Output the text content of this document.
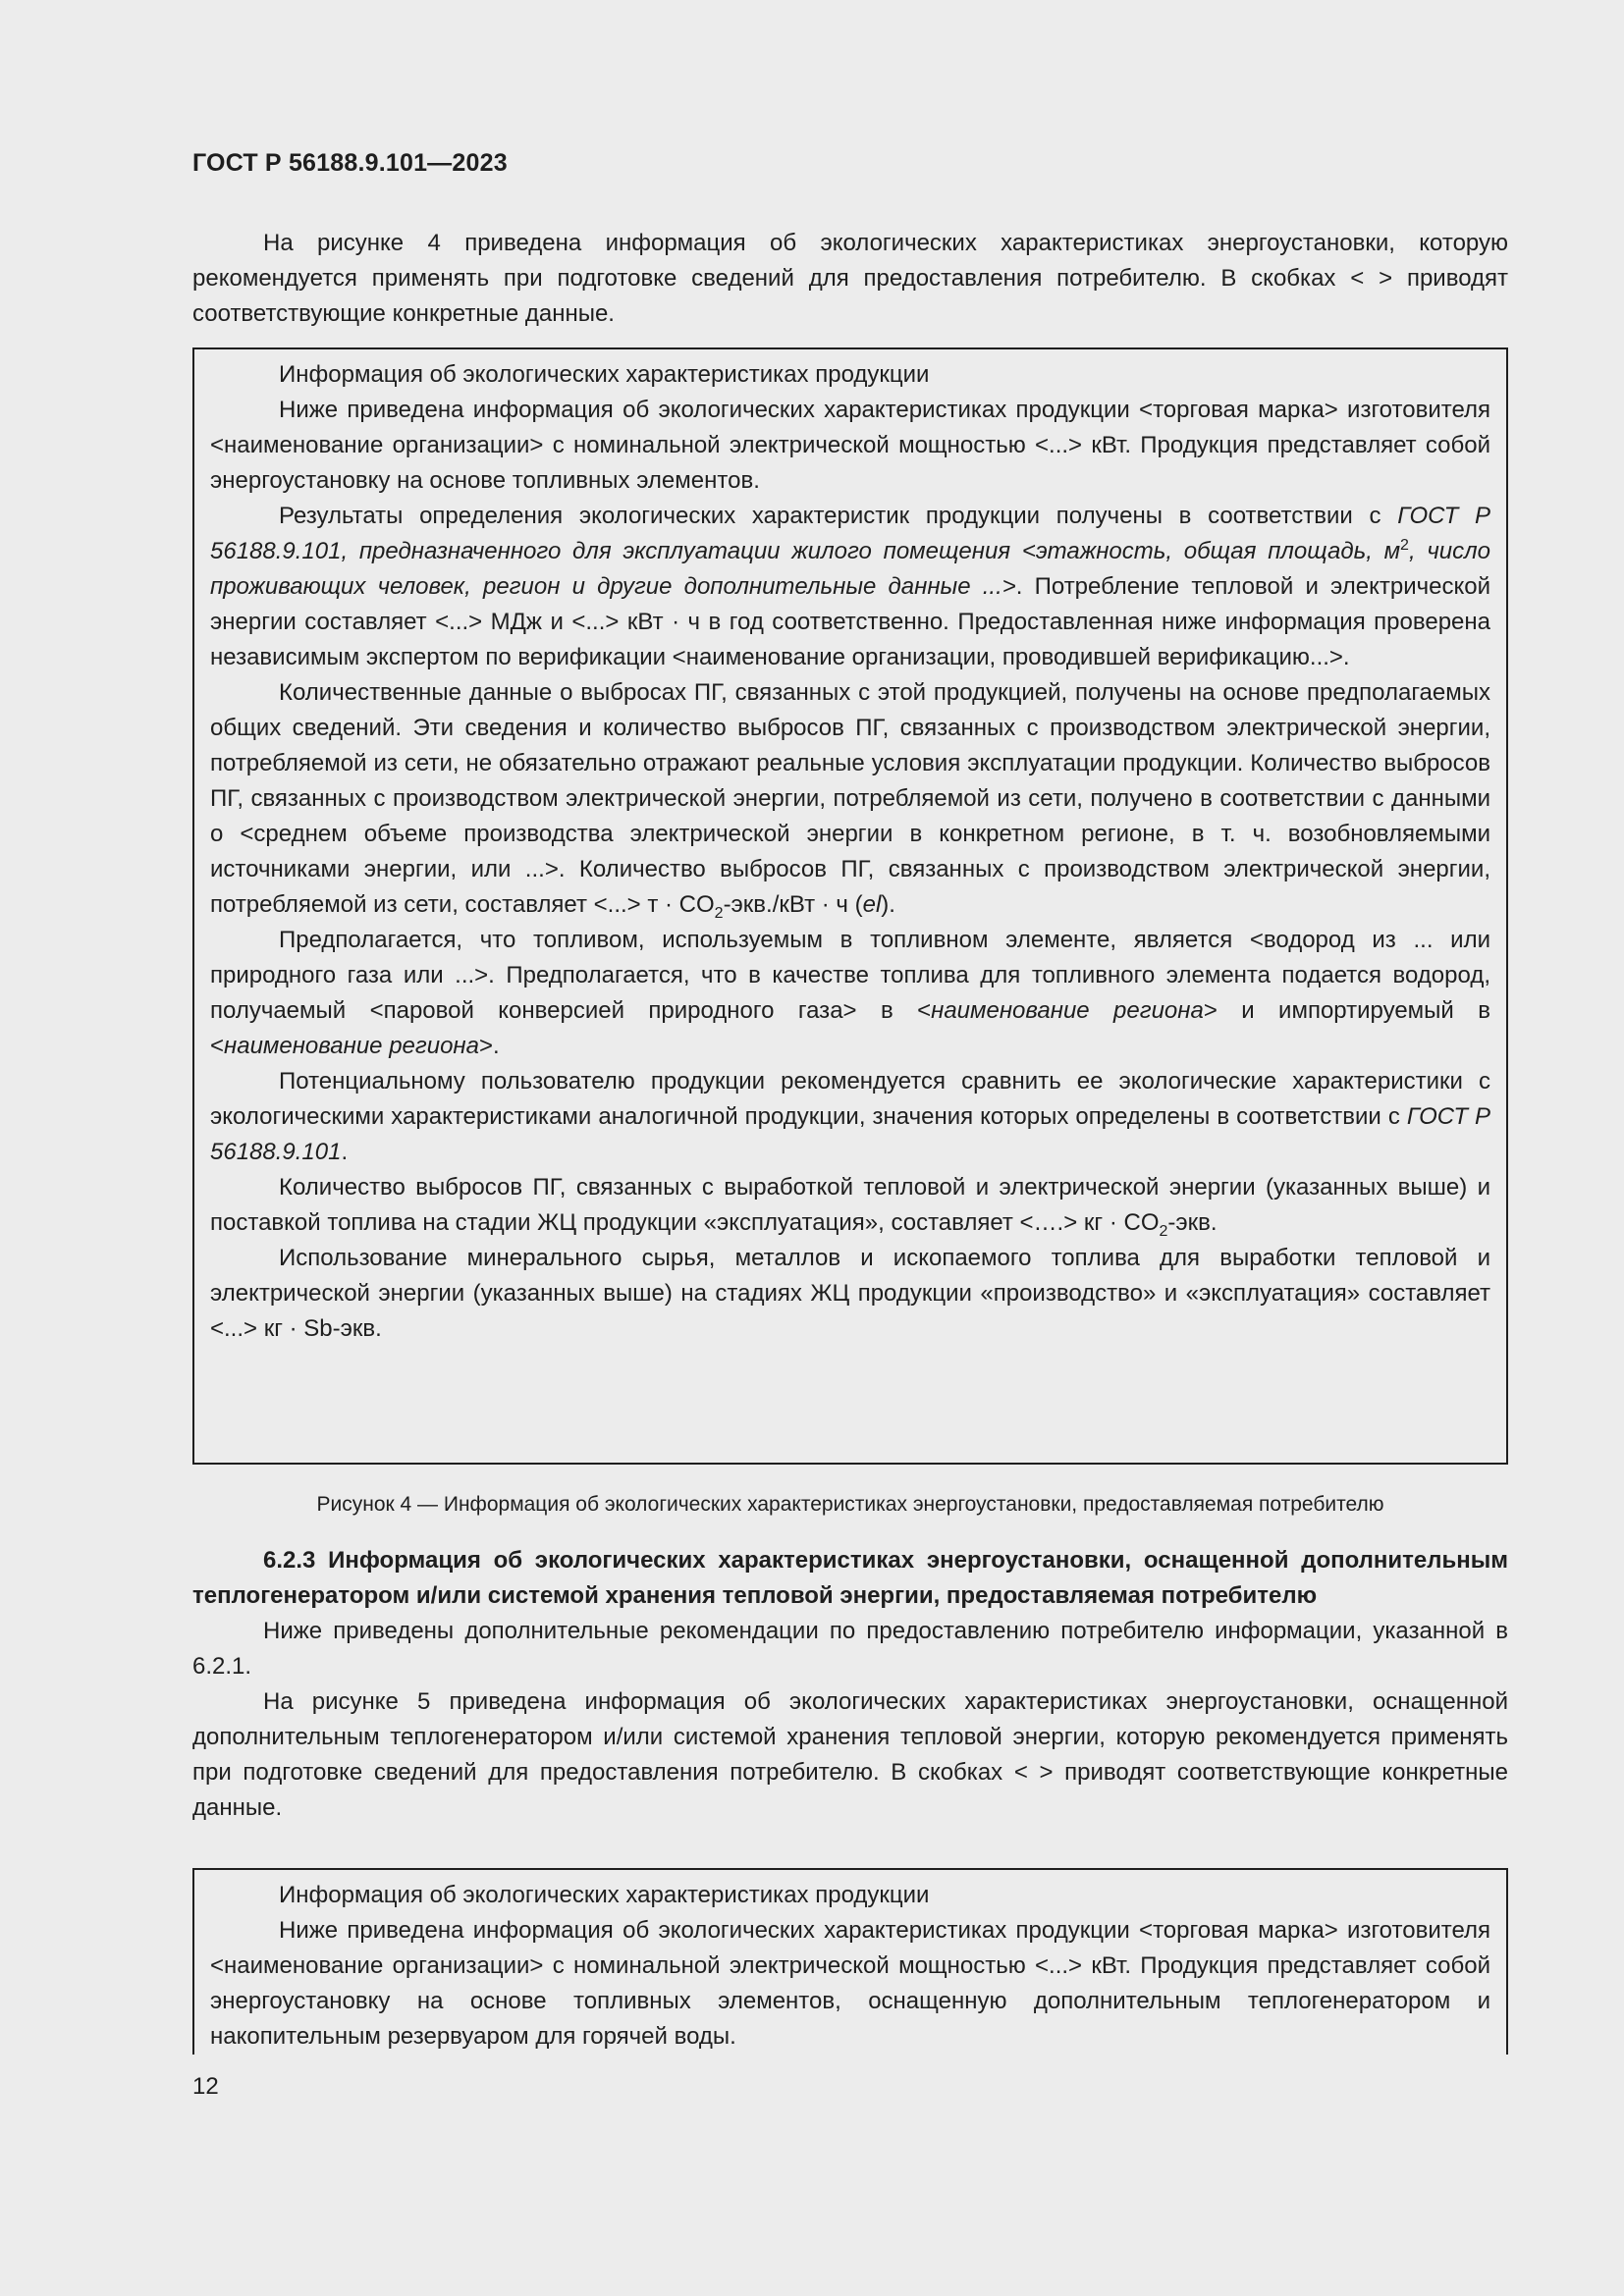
ГОСТ Р 56188.9.101—2023

На рисунке 4 приведена информация об экологических характеристиках энергоустановки, которую рекомендуется применять при подготовке сведений для предоставления потребителю. В скобках < > приводят соответствующие конкретные данные.

Информация об экологических характеристиках продукции

Ниже приведена информация об экологических характеристиках продукции <торговая марка> изготовителя <наименование организации> с номинальной электрической мощностью <...> кВт. Продукция представляет собой энергоустановку на основе топливных элементов.

Результаты определения экологических характеристик продукции получены в соответствии с ГОСТ Р 56188.9.101, предназначенного для эксплуатации жилого помещения <этажность, общая площадь, $м^2$, число проживающих человек, регион и другие дополнительные данные ...>. Потребление тепловой и электрической энергии составляет <...> МДж и <...> кВт · ч в год соответственно. Предоставленная ниже информация проверена независимым экспертом по верификации <наименование организации, проводившей верификацию...>.

Количественные данные о выбросах ПГ, связанных с этой продукцией, получены на основе предполагаемых общих сведений. Эти сведения и количество выбросов ПГ, связанных с производством электрической энергии, потребляемой из сети, не обязательно отражают реальные условия эксплуатации продукции. Количество выбросов ПГ, связанных с производством электрической энергии, потребляемой из сети, получено в соответствии с данными о <среднем объеме производства электрической энергии в конкретном регионе, в т. ч. возобновляемыми источниками энергии, или ...>. Количество выбросов ПГ, связанных с производством электрической энергии, потребляемой из сети, составляет <...> $т \cdot CO_2-экв$./кВт · ч (el).

Предполагается, что топливом, используемым в топливном элементе, является <водород из ... или природного газа или ...>. Предполагается, что в качестве топлива для топливного элемента подается водород, получаемый <паровой конверсией природного газа> в <наименование региона> и импортируемый в <наименование региона>.

Потенциальному пользователю продукции рекомендуется сравнить ее экологические характеристики с экологическими характеристиками аналогичной продукции, значения которых определены в соответствии с ГОСТ Р 56188.9.101.

Количество выбросов ПГ, связанных с выработкой тепловой и электрической энергии (указанных выше) и поставкой топлива на стадии ЖЦ продукции «эксплуатация», составляет <….> кг · $CO_2$-экв.

Использование минерального сырья, металлов и ископаемого топлива для выработки тепловой и электрической энергии (указанных выше) на стадиях ЖЦ продукции «производство» и «эксплуатация» составляет <...> кг · Sb-экв.

Рисунок 4 — Информация об экологических характеристиках энергоустановки, предоставляемая потребителю

6.2.3 Информация об экологических характеристиках энергоустановки, оснащенной дополнительным теплогенератором и/или системой хранения тепловой энергии, предоставляемая потребителю

Ниже приведены дополнительные рекомендации по предоставлению потребителю информации, указанной в 6.2.1.

На рисунке 5 приведена информация об экологических характеристиках энергоустановки, оснащенной дополнительным теплогенератором и/или системой хранения тепловой энергии, которую рекомендуется применять при подготовке сведений для предоставления потребителю. В скобках < > приводят соответствующие конкретные данные.

Информация об экологических характеристиках продукции

Ниже приведена информация об экологических характеристиках продукции <торговая марка> изготовителя <наименование организации> с номинальной электрической мощностью <...> кВт. Продукция представляет собой энергоустановку на основе топливных элементов, оснащенную дополнительным теплогенератором и накопительным резервуаром для горячей воды.

12
